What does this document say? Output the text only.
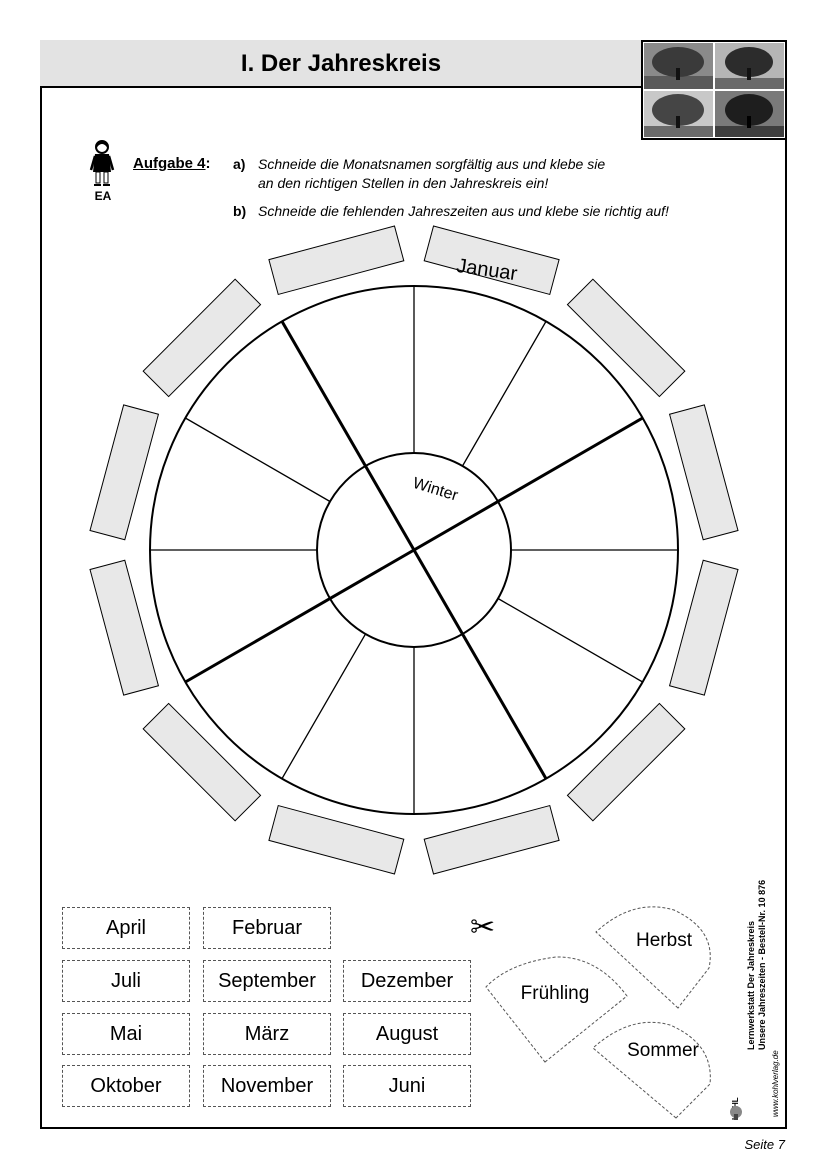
I. Der Jahreskreis
EA
Aufgabe 4: a) Schneide die Monatsnamen sorgfältig aus und klebe sie
an den richtigen Stellen in den Jahreskreis ein!
b) Schneide die fehlenden Jahreszeiten aus und klebe sie richtig auf!
Januar
Winter
April	Februar
Juli	September	Dezember
Mai	März	August
Oktober	November	Juni
✂	Herbst
Frühling
Sommer
Lernwerkstatt Der Jahreskreis Unsere Jahreszeiten - Bestell-Nr. 10 876
www.kohlverlag.de
Seite 7
